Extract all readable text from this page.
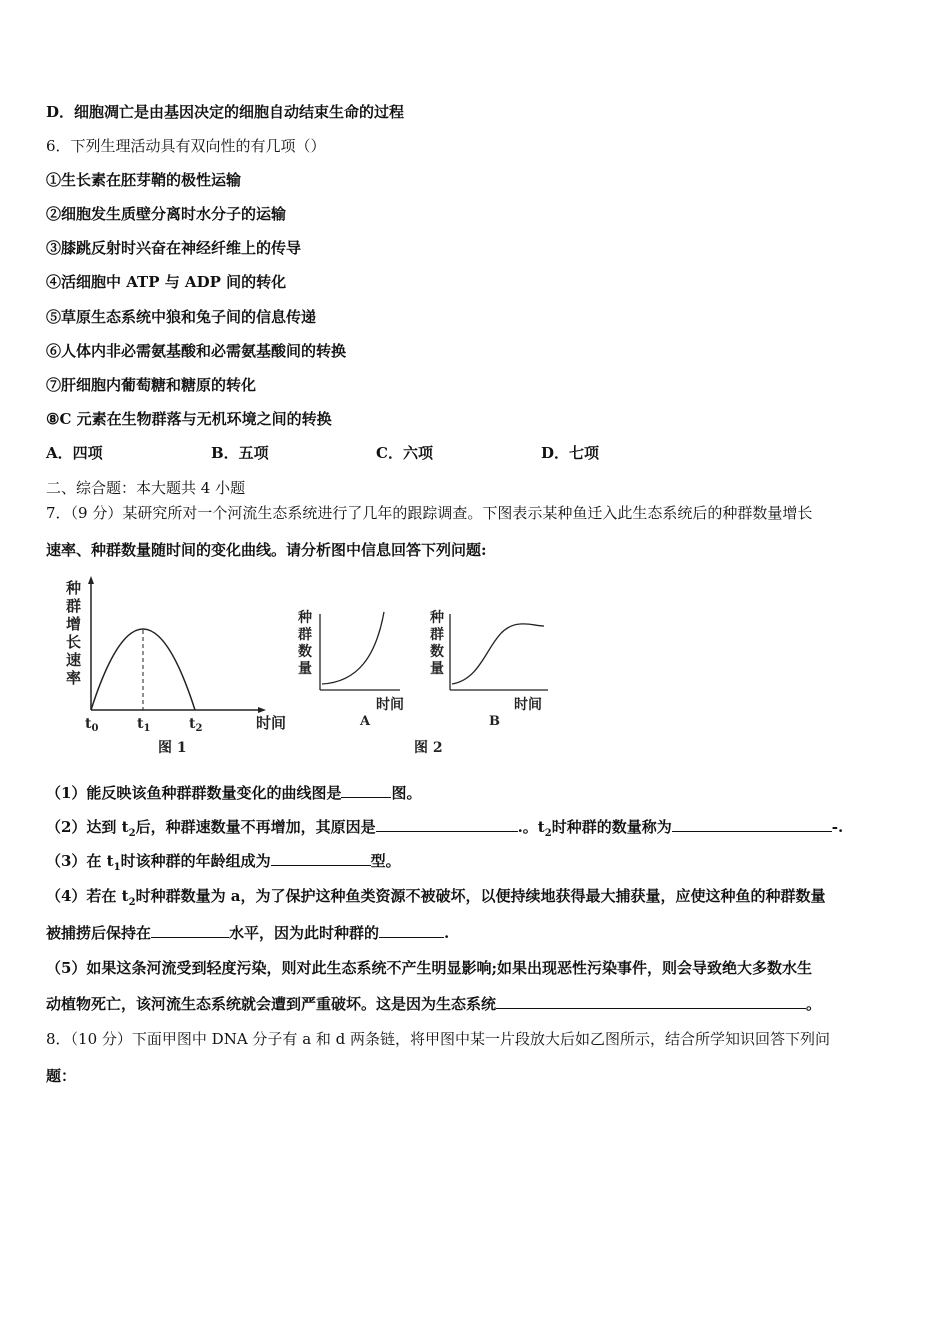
D．细胞凋亡是由基因决定的细胞自动结束生命的过程
6．下列生理活动具有双向性的有几项（）
①生长素在胚芽鞘的极性运输
②细胞发生质壁分离时水分子的运输
③膝跳反射时兴奋在神经纤维上的传导
④活细胞中 ATP 与 ADP 间的转化
⑤草原生态系统中狼和兔子间的信息传递
⑥人体内非必需氨基酸和必需氨基酸间的转换
⑦肝细胞内葡萄糖和糖原的转化
⑧C 元素在生物群落与无机环境之间的转换
A．四项	B．五项	C．六项	D．七项
二、综合题：本大题共 4 小题
7．（9 分）某研究所对一个河流生态系统进行了几年的跟踪调查。下图表示某种鱼迁入此生态系统后的种群数量增长
速率、种群数量随时间的变化曲线。请分析图中信息回答下列问题:
种
群
增
长
速
率
$t_0$	$t_1$	$t_2$	时间
图 1
种
群
数
量
时间
A
种
群
数
量
时间
B
图 2
（1）能反映该鱼种群群数量变化的曲线图是	图。
（2）达到 $t_2$后，种群速数量不再增加，其原因是	.。$t_2$时种群的数量称为	-.
（3）在 $t_1$时该种群的年龄组成为	型。
（4）若在 $t_2$时种群数量为 a，为了保护这种鱼类资源不被破坏，以便持续地获得最大捕获量，应使这种鱼的种群数量
被捕捞后保持在	水平，因为此时种群的	.
（5）如果这条河流受到轻度污染，则对此生态系统不产生明显影响;如果出现恶性污染事件，则会导致绝大多数水生
动植物死亡，该河流生态系统就会遭到严重破坏。这是因为生态系统	。
8．（10 分）下面甲图中 DNA 分子有 a 和 d 两条链，将甲图中某一片段放大后如乙图所示，结合所学知识回答下列问
题：
